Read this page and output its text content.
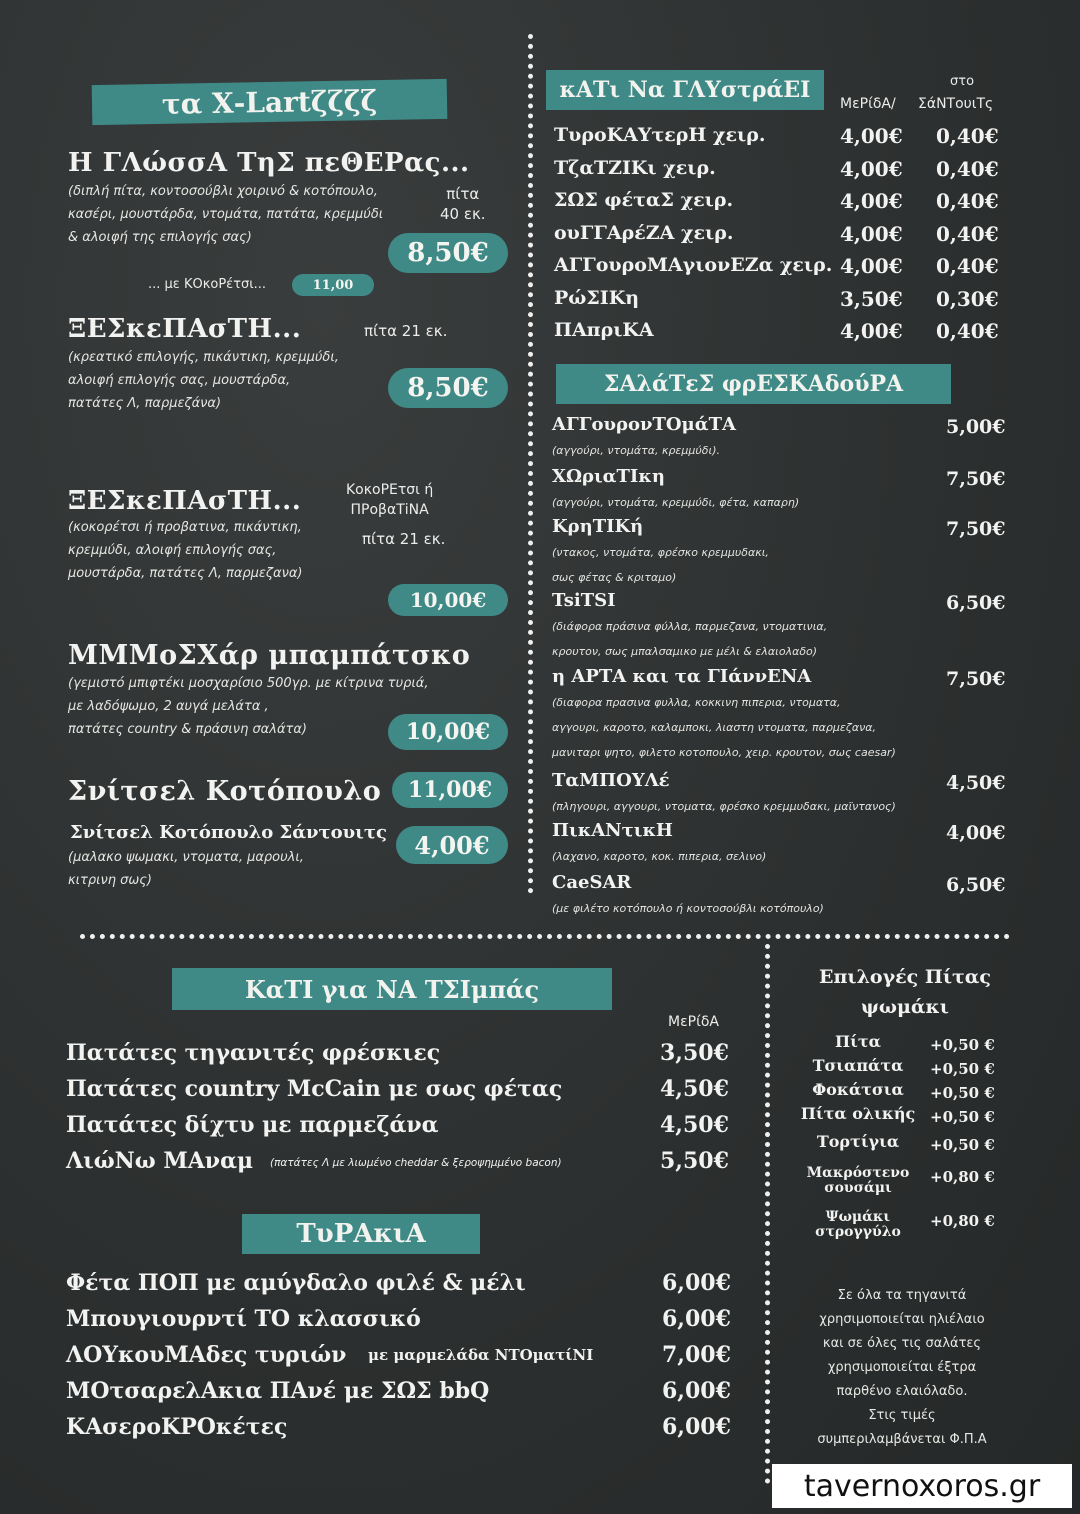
τα Χ-Lartζζζζ
Η ΓΛώσσΑ ΤηΣ πεΘΕΡας...
(διπλή πίτα, κοντοσούβλι χοιρινό & κοτόπουλο,
κασέρι, μουστάρδα, ντομάτα, πατάτα, κρεμμύδι
& αλοιφή της επιλογής σας)
πίτα
40 εκ.
8,50€
... με ΚΟκοΡέτσι...	11,00
ΞΕΣκεΠΑσΤΗ...	πίτα 21 εκ.
(κρεατικό επιλογής, πικάντικη, κρεμμύδι,
αλοιφή επιλογής σας, μουστάρδα,
πατάτες Λ, παρμεζάνα)
8,50€
ΞΕΣκεΠΑσΤΗ...	ΚοκοΡΕτσι ή
ΠΡοβαΤiΝΑ
πίτα 21 εκ.
(κοκορέτσι ή προβατινα, πικάντικη,
κρεμμύδι, αλοιφή επιλογής σας,
μουστάρδα, πατάτες Λ, παρμεζανα)
10,00€
ΜΜΜοΣΧάρ μπαμπάτσκο
(γεμιστό μπιφτέκι μοσχαρίσιο 500γρ. με κίτρινα τυριά,
με λαδόψωμο, 2 αυγά μελάτα ,
πατάτες country & πράσινη σαλάτα)	10,00€
Σνίτσελ Κοτόπουλο	11,00€
Σνίτσελ Κοτόπουλο Σάντουιτς
(μαλακο ψωμακι, ντοματα, μαρουλι,
κιτρινη σως)
4,00€
κΑΤι Να ΓΛΥστράΕΙ	στο
ΜεΡίδΑ/ ΣάΝΤουιΤς
ΤυροΚΑΥτερΗ χειρ.	4,00€ 0,40€
ΤζαΤΖΙΚι χειρ.	4,00€ 0,40€
ΣΩΣ φέταΣ χειρ.	4,00€ 0,40€
ουΓΓΑρέΖΑ χειρ.	4,00€ 0,40€
ΑΓΓουροΜΑγιονΕΖα χειρ. 4,00€ 0,40€
ΡώΣΙΚη	3,50€ 0,30€
ΠΑπριΚΑ	4,00€ 0,40€
ΣΑλάΤεΣ φρΕΣΚΑδούΡΑ
ΑΓΓουρονΤΟμάΤΑ	5,00€
(αγγούρι, ντομάτα, κρεμμύδι).
ΧΩριαΤΙκη	7,50€
(αγγούρι, ντομάτα, κρεμμύδι, φέτα, καπαρη)
ΚρηΤΙΚή	7,50€
(ντακος, ντομάτα, φρέσκο κρεμμυδακι,
σως φέτας & κριταμο)
TsiTSI	6,50€
(διάφορα πράσινα φύλλα, παρμεζανα, ντοματινια,
κρουτον, σως μπαλσαμικο με μέλι & ελαιολαδο)
η ΑΡΤΑ και τα ΓΙάννΕΝΑ	7,50€
(διαφορα πρασινα φυλλα, κοκκινη πιπερια, ντοματα,
αγγουρι, καροτο, καλαμποκι, λιαστη ντοματα, παρμεζανα,
μανιταρι ψητο, φιλετο κοτοπουλο, χειρ. κρουτον, σως caesar)
ΤαΜΠΟΥΛέ	4,50€
(πληγουρι, αγγουρι, ντοματα, φρέσκο κρεμμυδακι, μαϊντανος)
ΠικΑΝτικΗ	4,00€
(λαχανο, καροτο, κοκ. πιπερια, σελινο)
CaeSAR	6,50€
(με φιλέτο κοτόπουλο ή κοντοσούβλι κοτόπουλο)
ΚαΤΙ για ΝΑ ΤΣΙμπάς
ΜεΡίδΑ
Πατάτες τηγανιτές φρέσκιες	3,50€
Πατάτες country McCain με σως φέτας	4,50€
Πατάτες δίχτυ με παρμεζάνα	4,50€
ΛιώΝω ΜΑναμ (πατάτες Λ με λιωμένο cheddar & ξεροψημμένο bacon)	5,50€
ΤυΡΑκιΑ
Φέτα ΠΟΠ με αμύγδαλο φιλέ & μέλι	6,00€
Μπουγιουρντί ΤΟ κλασσικό	6,00€
ΛΟΥκουΜΑδες τυριών με μαρμελάδα ΝΤΟματίΝΙ	7,00€
ΜΟτσαρελΑκια ΠΑνέ με ΣΩΣ bbQ	6,00€
ΚΑσεροΚΡΟκέτες	6,00€
Επιλογές Πίτας
ψωμάκι
Πίτα	+0,50 €
Τσιαπάτα	+0,50 €
Φοκάτσια	+0,50 €
Πίτα ολικής +0,50 €
Τορτίγια	+0,50 €
Μακρόστενο
σουσάμι
+0,80 €
Ψωμάκι
στρογγύλο
+0,80 €
Σε όλα τα τηγανιτά
χρησιμοποιείται ηλιέλαιο
και σε όλες τις σαλάτες
χρησιμοποιείται έξτρα
παρθένο ελαιόλαδο.
Στις τιμές
συμπεριλαμβάνεται Φ.Π.Α
tavernoxoros.gr
